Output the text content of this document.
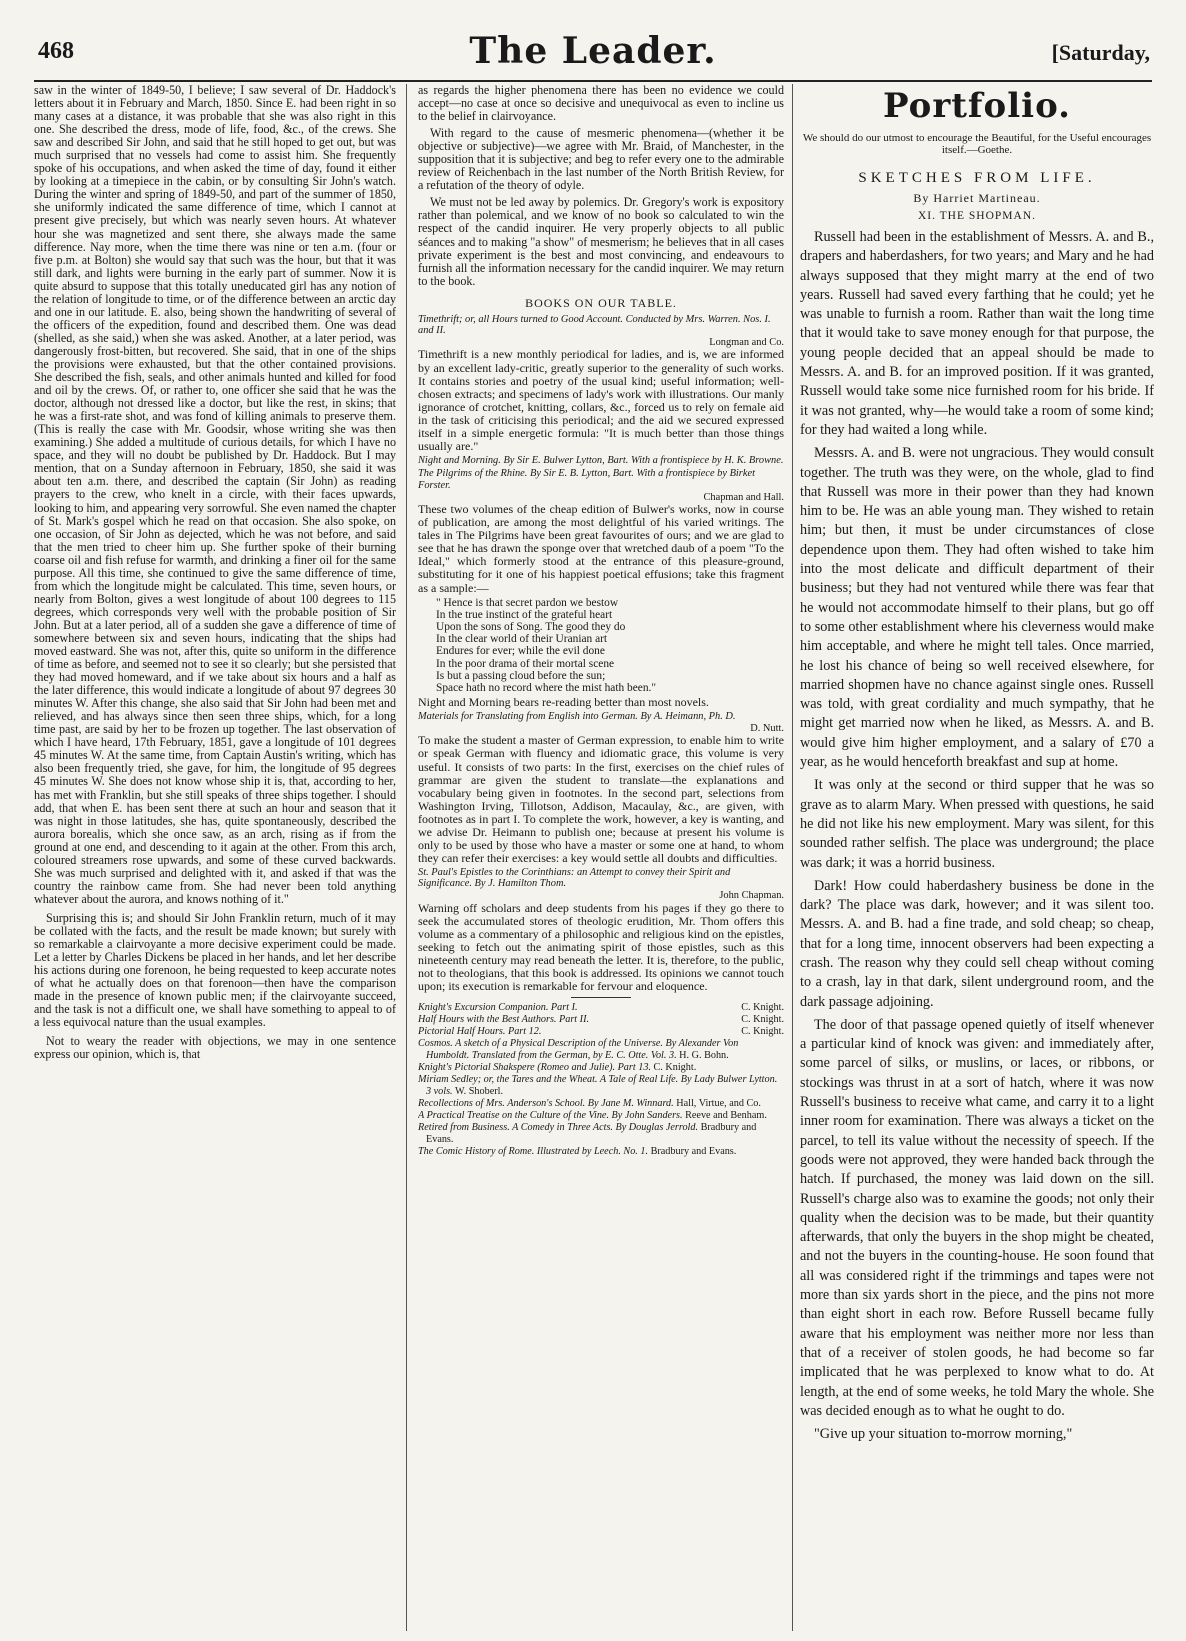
468	The Leader.	[Saturday,

saw in the winter of 1849-50, I believe; I saw several of Dr. Haddock's letters about it in February and March, 1850. Since E. had been right in so many cases at a distance, it was probable that she was also right in this one. She described the dress, mode of life, food, &c., of the crews. She saw and described Sir John, and said that he still hoped to get out, but was much surprised that no vessels had come to assist him. She frequently spoke of his occupations, and when asked the time of day, found it either by looking at a timepiece in the cabin, or by consulting Sir John's watch. During the winter and spring of 1849-50, and part of the summer of 1850, she uniformly indicated the same difference of time, which I cannot at present give precisely, but which was nearly seven hours. At whatever hour she was magnetized and sent there, she always made the same difference. Nay more, when the time there was nine or ten a.m. (four or five p.m. at Bolton) she would say that such was the hour, but that it was still dark, and lights were burning in the early part of summer. Now it is quite absurd to suppose that this totally uneducated girl has any notion of the relation of longitude to time, or of the difference between an arctic day and one in our latitude. E. also, being shown the handwriting of several of the officers of the expedition, found and described them. One was dead (shelled, as she said,) when she was asked. Another, at a later period, was dangerously frost-bitten, but recovered. She said, that in one of the ships the provisions were exhausted, but that the other contained provisions. She described the fish, seals, and other animals hunted and killed for food and oil by the crews. Of, or rather to, one officer she said that he was the doctor, although not dressed like a doctor, but like the rest, in skins; that he was a first-rate shot, and was fond of killing animals to preserve them. (This is really the case with Mr. Goodsir, whose writing she was then examining.) She added a multitude of curious details, for which I have no space, and they will no doubt be published by Dr. Haddock. But I may mention, that on a Sunday afternoon in February, 1850, she said it was about ten a.m. there, and described the captain (Sir John) as reading prayers to the crew, who knelt in a circle, with their faces upwards, looking to him, and appearing very sorrowful. She even named the chapter of St. Mark's gospel which he read on that occasion. She also spoke, on one occasion, of Sir John as dejected, which he was not before, and said that the men tried to cheer him up. She further spoke of their burning coarse oil and fish refuse for warmth, and drinking a finer oil for the same purpose. All this time, she continued to give the same difference of time, from which the longitude might be calculated. This time, seven hours, or nearly from Bolton, gives a west longitude of about 100 degrees to 115 degrees, which corresponds very well with the probable position of Sir John. But at a later period, all of a sudden she gave a difference of time of somewhere between six and seven hours, indicating that the ships had moved eastward. She was not, after this, quite so uniform in the difference of time as before, and seemed not to see it so clearly; but she persisted that they had moved homeward, and if we take about six hours and a half as the later difference, this would indicate a longitude of about 97 degrees 30 minutes W. After this change, she also said that Sir John had been met and relieved, and has always since then seen three ships, which, for a long time past, are said by her to be frozen up together. The last observation of which I have heard, 17th February, 1851, gave a longitude of 101 degrees 45 minutes W. At the same time, from Captain Austin's writing, which has also been frequently tried, she gave, for him, the longitude of 95 degrees 45 minutes W. She does not know whose ship it is, that, according to her, has met with Franklin, but she still speaks of three ships together. I should add, that when E. has been sent there at such an hour and season that it was night in those latitudes, she has, quite spontaneously, described the aurora borealis, which she once saw, as an arch, rising as if from the ground at one end, and descending to it again at the other. From this arch, coloured streamers rose upwards, and some of these curved backwards. She was much surprised and delighted with it, and asked if that was the country the rainbow came from. She had never been told anything whatever about the aurora, and knows nothing of it."

Surprising this is; and should Sir John Franklin return, much of it may be collated with the facts, and the result be made known; but surely with so remarkable a clairvoyante a more decisive experiment could be made. Let a letter by Charles Dickens be placed in her hands, and let her describe his actions during one forenoon, he being requested to keep accurate notes of what he actually does on that forenoon—then have the comparison made in the presence of known public men; if the clairvoyante succeed, and the task is not a difficult one, we shall have something to appeal to of a less equivocal nature than the usual examples.

Not to weary the reader with objections, we may in one sentence express our opinion, which is, that

as regards the higher phenomena there has been no evidence we could accept—no case at once so decisive and unequivocal as even to incline us to the belief in clairvoyance.

With regard to the cause of mesmeric phenomena—(whether it be objective or subjective)—we agree with Mr. Braid, of Manchester, in the supposition that it is subjective; and beg to refer every one to the admirable review of Reichenbach in the last number of the North British Review, for a refutation of the theory of odyle.

We must not be led away by polemics. Dr. Gregory's work is expository rather than polemical, and we know of no book so calculated to win the respect of the candid inquirer. He very properly objects to all public séances and to making "a show" of mesmerism; he believes that in all cases private experiment is the best and most convincing, and endeavours to furnish all the information necessary for the candid inquirer. We may return to the book.

BOOKS ON OUR TABLE.
Timethrift; or, all Hours turned to Good Account. Conducted by Mrs. Warren. Nos. I. and II.
Longman and Co.

Timethrift is a new monthly periodical for ladies, and is, we are informed by an excellent lady-critic, greatly superior to the generality of such works. It contains stories and poetry of the usual kind; useful information; well-chosen extracts; and specimens of lady's work with illustrations. Our manly ignorance of crotchet, knitting, collars, &c., forced us to rely on female aid in the task of criticising this periodical; and the aid we secured expressed itself in a simple energetic formula: "It is much better than those things usually are."

Night and Morning. By Sir E. Bulwer Lytton, Bart. With a frontispiece by H. K. Browne.
The Pilgrims of the Rhine. By Sir E. B. Lytton, Bart. With a frontispiece by Birket Forster.
Chapman and Hall.

These two volumes of the cheap edition of Bulwer's works, now in course of publication, are among the most delightful of his varied writings. The tales in The Pilgrims have been great favourites of ours; and we are glad to see that he has drawn the sponge over that wretched daub of a poem "To the Ideal," which formerly stood at the entrance of this pleasure-ground, substituting for it one of his happiest poetical effusions; take this fragment as a sample:—

" Hence is that secret pardon we bestow
In the true instinct of the grateful heart
Upon the sons of Song. The good they do
In the clear world of their Uranian art
Endures for ever; while the evil done
In the poor drama of their mortal scene
Is but a passing cloud before the sun;
Space hath no record where the mist hath been."

Night and Morning bears re-reading better than most novels.

Materials for Translating from English into German. By A. Heimann, Ph. D.
D. Nutt.

To make the student a master of German expression, to enable him to write or speak German with fluency and idiomatic grace, this volume is very useful. It consists of two parts: In the first, exercises on the chief rules of grammar are given the student to translate—the explanations and vocabulary being given in footnotes. In the second part, selections from Washington Irving, Tillotson, Addison, Macaulay, &c., are given, with footnotes as in part I. To complete the work, however, a key is wanting, and we advise Dr. Heimann to publish one; because at present his volume is only to be used by those who have a master or some one at hand, to whom they can refer their exercises: a key would settle all doubts and difficulties.

St. Paul's Epistles to the Corinthians: an Attempt to convey their Spirit and Significance. By J. Hamilton Thom.
John Chapman.

Warning off scholars and deep students from his pages if they go there to seek the accumulated stores of theologic erudition, Mr. Thom offers this volume as a commentary of a philosophic and religious kind on the epistles, seeking to fetch out the animating spirit of those epistles, such as this nineteenth century may read beneath the letter. It is, therefore, to the public, not to theologians, that this book is addressed. Its opinions we cannot touch upon; its execution is remarkable for fervour and eloquence.

Knight's Excursion Companion. Part I.	C. Knight.
Half Hours with the Best Authors. Part II.	C. Knight.
Pictorial Half Hours. Part 12.	C. Knight.
Cosmos. A sketch of a Physical Description of the Universe. By Alexander Von Humboldt. Translated from the German, by E. C. Otte. Vol. 3. H. G. Bohn.
Knight's Pictorial Shakspere (Romeo and Julie). Part 13. C. Knight.
Miriam Sedley; or, the Tares and the Wheat. A Tale of Real Life. By Lady Bulwer Lytton. 3 vols. W. Shoberl.
Recollections of Mrs. Anderson's School. By Jane M. Winnard. Hall, Virtue, and Co.
A Practical Treatise on the Culture of the Vine. By John Sanders. Reeve and Benham.
Retired from Business. A Comedy in Three Acts. By Douglas Jerrold. Bradbury and Evans.
The Comic History of Rome. Illustrated by Leech. No. 1. Bradbury and Evans.
Portfolio.
We should do our utmost to encourage the Beautiful, for the Useful encourages itself.—Goethe.
SKETCHES FROM LIFE.
By Harriet Martineau.
XI. THE SHOPMAN.

Russell had been in the establishment of Messrs. A. and B., drapers and haberdashers, for two years; and Mary and he had always supposed that they might marry at the end of two years. Russell had saved every farthing that he could; yet he was unable to furnish a room. Rather than wait the long time that it would take to save money enough for that purpose, the young people decided that an appeal should be made to Messrs. A. and B. for an improved position. If it was granted, Russell would take some nice furnished room for his bride. If it was not granted, why—he would take a room of some kind; for they had waited a long while.

Messrs. A. and B. were not ungracious. They would consult together. The truth was they were, on the whole, glad to find that Russell was more in their power than they had known him to be. He was an able young man. They wished to retain him; but then, it must be under circumstances of close dependence upon them. They had often wished to take him into the most delicate and difficult department of their business; but they had not ventured while there was fear that he would not accommodate himself to their plans, but go off to some other establishment where his cleverness would make him acceptable, and where he might tell tales. Once married, he lost his chance of being so well received elsewhere, for married shopmen have no chance against single ones. Russell was told, with great cordiality and much sympathy, that he might get married now when he liked, as Messrs. A. and B. would give him higher employment, and a salary of £70 a year, as he would henceforth breakfast and sup at home.

It was only at the second or third supper that he was so grave as to alarm Mary. When pressed with questions, he said he did not like his new employment. Mary was silent, for this sounded rather selfish. The place was underground; the place was dark; it was a horrid business.

Dark! How could haberdashery business be done in the dark? The place was dark, however; and it was silent too. Messrs. A. and B. had a fine trade, and sold cheap; so cheap, that for a long time, innocent observers had been expecting a crash. The reason why they could sell cheap without coming to a crash, lay in that dark, silent underground room, and the dark passage adjoining.

The door of that passage opened quietly of itself whenever a particular kind of knock was given: and immediately after, some parcel of silks, or muslins, or laces, or ribbons, or stockings was thrust in at a sort of hatch, where it was now Russell's business to receive what came, and carry it to a light inner room for examination. There was always a ticket on the parcel, to tell its value without the necessity of speech. If the goods were not approved, they were handed back through the hatch. If purchased, the money was laid down on the sill. Russell's charge also was to examine the goods; not only their quality when the decision was to be made, but their quantity afterwards, that only the buyers in the shop might be cheated, and not the buyers in the counting-house. He soon found that all was considered right if the trimmings and tapes were not more than six yards short in the piece, and the pins not more than eight short in each row. Before Russell became fully aware that his employment was neither more nor less than that of a receiver of stolen goods, he had become so far implicated that he was perplexed to know what to do. At length, at the end of some weeks, he told Mary the whole. She was decided enough as to what he ought to do.

"Give up your situation to-morrow morning,"
